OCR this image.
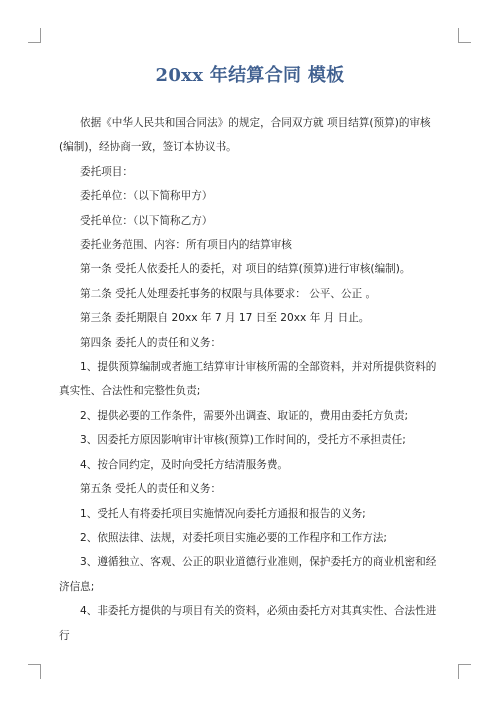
20xx 年结算合同 模板

依据《中华人民共和国合同法》的规定，合同双方就 项目结算(预算)的审核(编制)，经协商一致，签订本协议书。

委托项目：

委托单位：（以下简称甲方）

受托单位：（以下简称乙方）

委托业务范围、内容：所有项目内的结算审核

第一条 受托人依委托人的委托，对 项目的结算(预算)进行审核(编制)。

第二条 受托人处理委托事务的权限与具体要求： 公平、公正 。

第三条 委托期限自 20xx 年 7 月 17 日至 20xx 年 月 日止。

第四条 委托人的责任和义务：

1、提供预算编制或者施工结算审计审核所需的全部资料，并对所提供资料的真实性、合法性和完整性负责;

2、提供必要的工作条件，需要外出调查、取证的，费用由委托方负责;

3、因委托方原因影响审计审核(预算)工作时间的，受托方不承担责任;

4、按合同约定，及时向受托方结清服务费。

第五条 受托人的责任和义务：

1、受托人有将委托项目实施情况向委托方通报和报告的义务;

2、依照法律、法规，对委托项目实施必要的工作程序和工作方法;

3、遵循独立、客观、公正的职业道德行业准则，保护委托方的商业机密和经济信息;

4、非委托方提供的与项目有关的资料，必须由委托方对其真实性、合法性进行
